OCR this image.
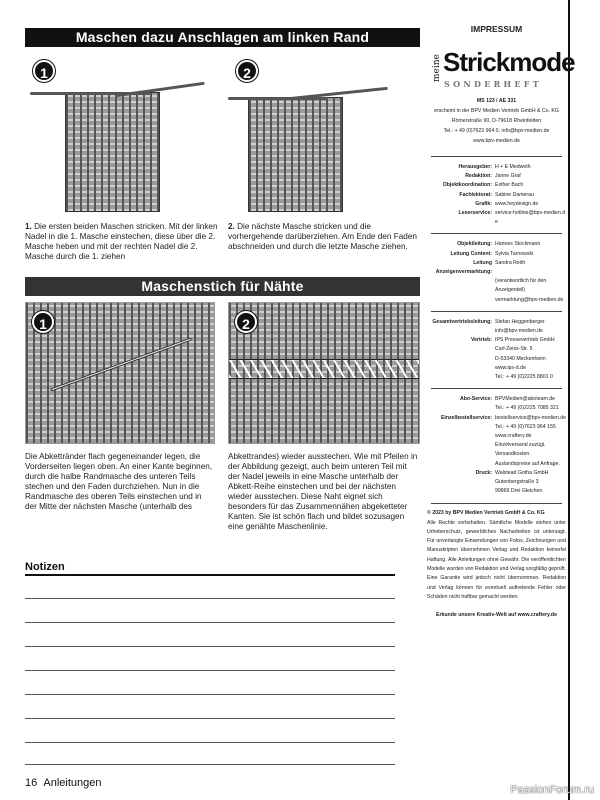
Maschen dazu Anschlagen am linken Rand
1	2
1. Die ersten beiden Maschen stricken. Mit der linken Nadel in die 1. Masche einstechen, diese über die 2. Masche heben und mit der rechten Nadel die 2. Masche durch die 1. ziehen
2. Die nächste Masche stricken und die vorhergehende darüberziehen. Am Ende den Faden abschneiden und durch die letzte Masche ziehen.
Maschenstich für Nähte
1	2
Die Abkettränder flach gegeneinander legen, die Vorderseiten liegen oben. An einer Kante beginnen, durch die halbe Randmasche des unteren Teils stechen und den Faden durchziehen. Nun in die Randmasche des oberen Teils einstechen und in der Mitte der nächsten Masche (unterhalb des
Abkettrandes) wieder ausstechen. Wie mit Pfeilen in der Abbildung gezeigt, auch beim unteren Teil mit der Nadel jeweils in eine Masche unterhalb der Abkett-Reihe einstechen und bei der nächsten wieder ausstechen. Diese Naht eignet sich besonders für das Zusammennähen abgeketteter Kanten. Sie ist schön flach und bildet sozusagen eine genähte Maschenlinie.
Notizen
16 Anleitungen
IMPRESSUM
meine Strickmode
SONDERHEFT
MS 123 / AE 331
erscheint in der BPV Medien Vertrieb GmbH & Co. KG
Römerstraße 90, D-79618 Rheinfelden
Tel.: + 49 (0)7623 964 0, info@bpv-medien.de
www.bpv-medien.de
Herausgeber: H + E Medweth
Redaktion: Janne Graf
Objektkoordination: Esther Bach
Fachlektorat: Sabine Damerau
Grafik: www.heydesign.de
Leserservice: service-hotline@bpv-medien.de
Objektleitung: Hannes Stockmann
Leitung Content: Sylvia Tarnowski
Leitung Anzeigenvermarktung:
Sandra Reith
(verantwortlich für den
Anzeigenteil)
vermarktung@bpv-medien.de
Gesamtvertriebsleitung: Stefan Heggenberger
info@bpv-medien.de
Vertrieb: IPS Pressevertrieb GmbH
Carl-Zeiss-Str. 5
D-53340 Meckenheim
www.ips-d.de
Tel.: + 49 (0)2225 8801 0
Abo-Service: BPVMedien@aboteam.de
Tel.: + 49 (0)2225 7085 321
Einzelbestellservice: bestellservice@bpv-medien.de
Tel.: + 49 (0)7623 964 155
www.craftery.de
Einzelversand zuzügl.
Versandkosten.
Auslandspreise auf Anfrage.
Druck: Walstead Gotha GmbH
Gutenbergstraße 3
99869 Drei Gleichen
© 2023 by BPV Medien Vertrieb GmbH & Co. KG
Alle Rechte vorbehalten. Sämtliche Modelle stehen unter Urheberschutz, gewerbliches Nacharbeiten ist untersagt. Für unverlangte Einsendungen von Fotos, Zeichnungen und Manuskripten übernehmen Verlag und Redaktion keinerlei Haftung. Alle Anleitungen ohne Gewähr. Die veröffentlichten Modelle wurden von Redaktion und Verlag sorgfältig geprüft. Eine Garantie wird jedoch nicht übernommen. Redaktion und Verlag können für eventuell auftretende Fehler oder Schäden nicht haftbar gemacht werden.
Erkunde unsere Kreativ-Welt auf www.craftery.de
PassionForum.ru
